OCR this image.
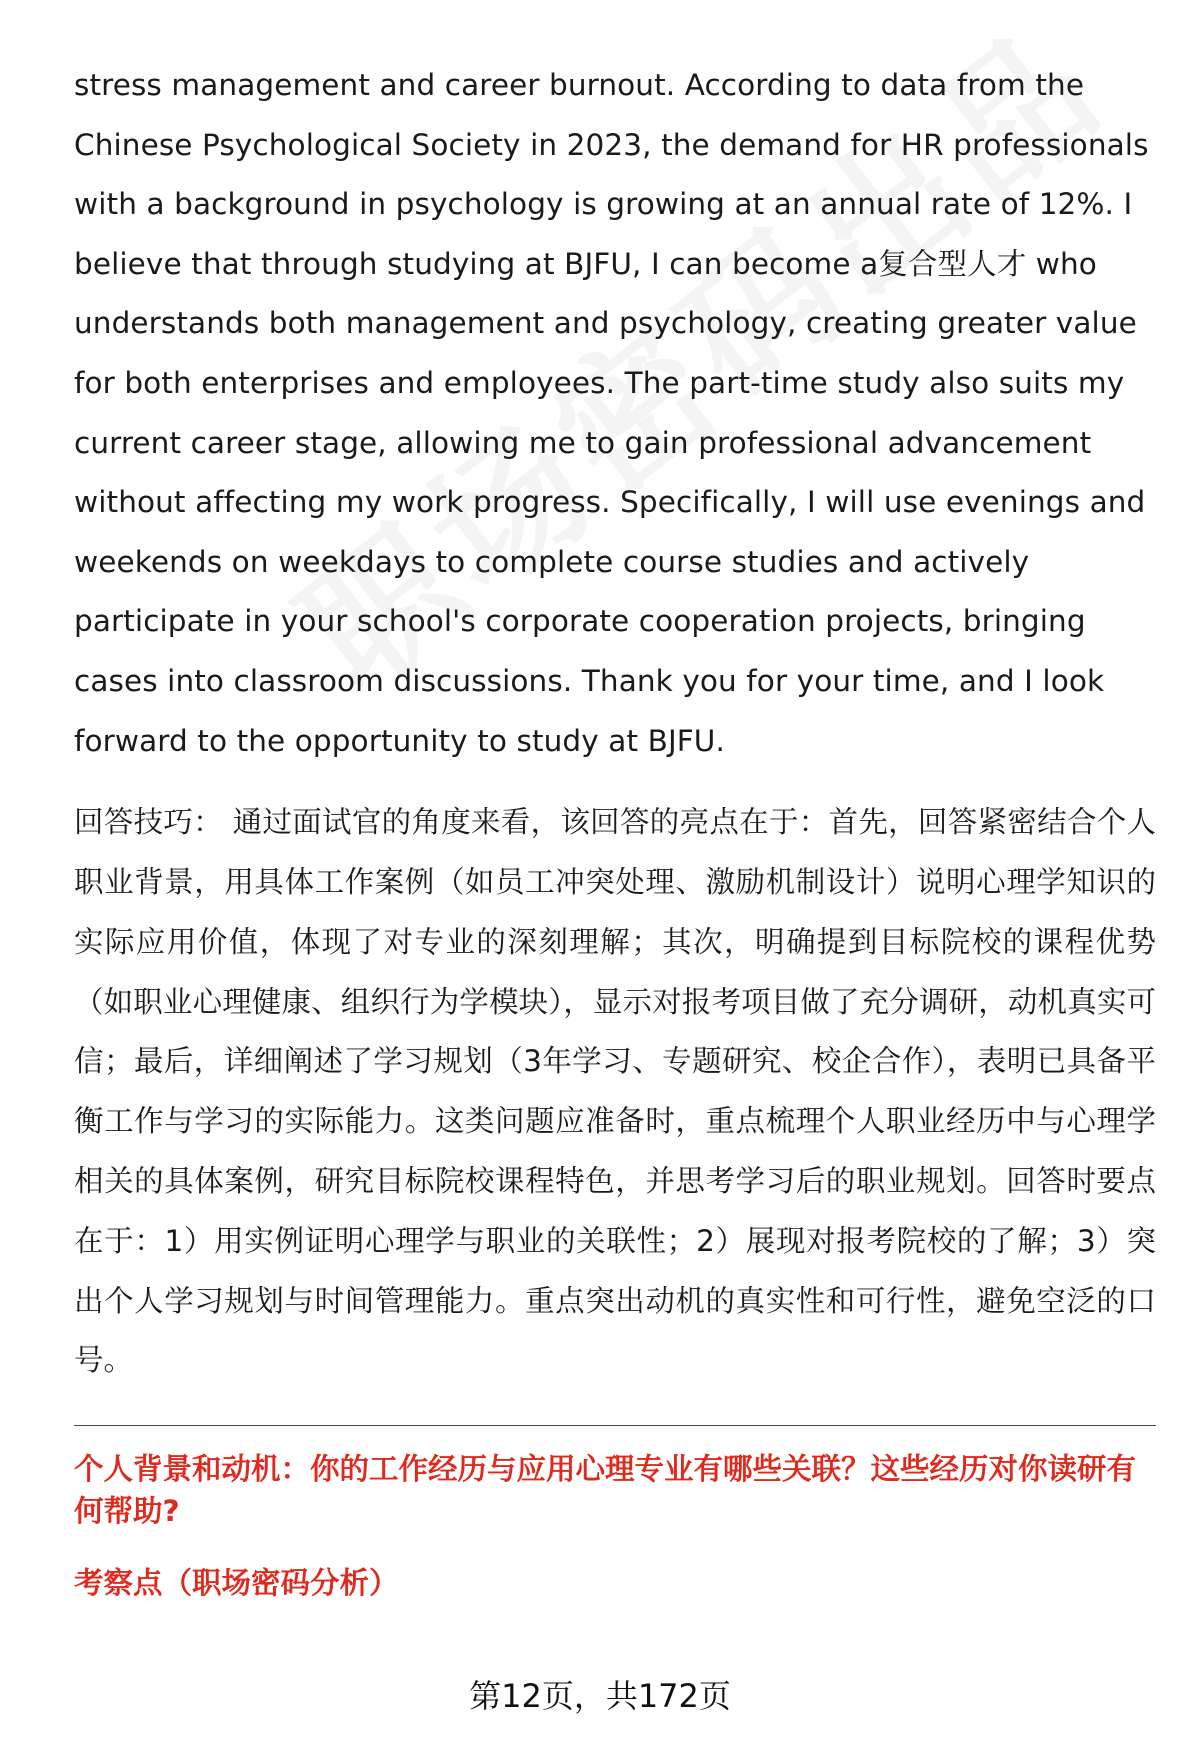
stress management and career burnout. According to data from the Chinese Psychological Society in 2023, the demand for HR professionals with a background in psychology is growing at an annual rate of 12%. I believe that through studying at BJFU, I can become a复合型人才 who understands both management and psychology, creating greater value for both enterprises and employees. The part-time study also suits my current career stage, allowing me to gain professional advancement without affecting my work progress. Specifically, I will use evenings and weekends on weekdays to complete course studies and actively participate in your school's corporate cooperation projects, bringing cases into classroom discussions. Thank you for your time, and I look forward to the opportunity to study at BJFU.

回答技巧： 通过面试官的角度来看，该回答的亮点在于：首先，回答紧密结合个人职业背景，用具体工作案例（如员工冲突处理、激励机制设计）说明心理学知识的实际应用价值，体现了对专业的深刻理解；其次，明确提到目标院校的课程优势（如职业心理健康、组织行为学模块），显示对报考项目做了充分调研，动机真实可信；最后，详细阐述了学习规划（3年学习、专题研究、校企合作），表明已具备平衡工作与学习的实际能力。这类问题应准备时，重点梳理个人职业经历中与心理学相关的具体案例，研究目标院校课程特色，并思考学习后的职业规划。回答时要点在于：1）用实例证明心理学与职业的关联性；2）展现对报考院校的了解；3）突出个人学习规划与时间管理能力。重点突出动机的真实性和可行性，避免空泛的口号。

个人背景和动机：你的工作经历与应用心理专业有哪些关联？这些经历对你读研有何帮助?

考察点（职场密码分析）

第12页，共172页
